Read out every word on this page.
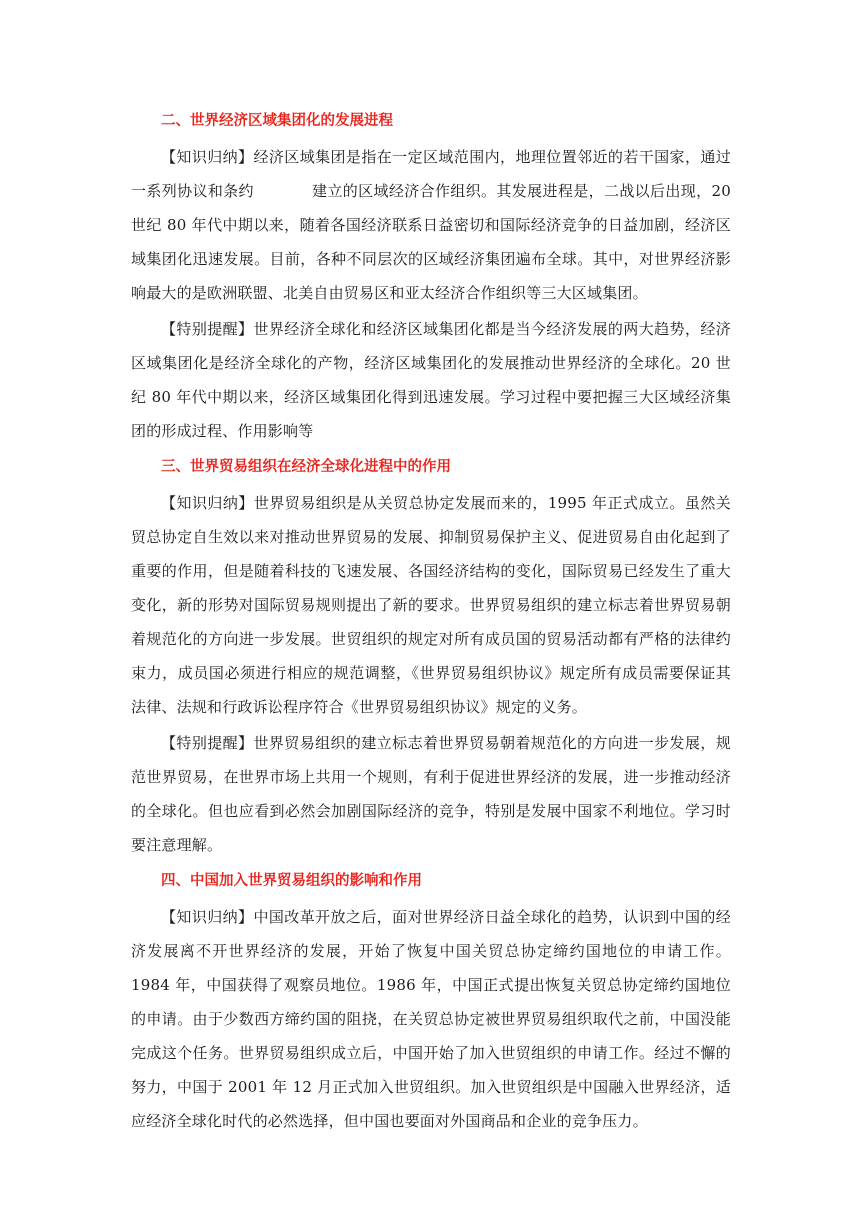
二、世界经济区域集团化的发展进程

【知识归纳】经济区域集团是指在一定区域范围内，地理位置邻近的若干国家，通过一系列协议和条约	建立的区域经济合作组织。其发展进程是，二战以后出现，20 世纪 80 年代中期以来，随着各国经济联系日益密切和国际经济竞争的日益加剧，经济区域集团化迅速发展。目前，各种不同层次的区域经济集团遍布全球。其中，对世界经济影响最大的是欧洲联盟、北美自由贸易区和亚太经济合作组织等三大区域集团。

【特别提醒】世界经济全球化和经济区域集团化都是当今经济发展的两大趋势，经济区域集团化是经济全球化的产物，经济区域集团化的发展推动世界经济的全球化。20 世纪 80 年代中期以来，经济区域集团化得到迅速发展。学习过程中要把握三大区域经济集团的形成过程、作用影响等

三、世界贸易组织在经济全球化进程中的作用

【知识归纳】世界贸易组织是从关贸总协定发展而来的，1995 年正式成立。虽然关贸总协定自生效以来对推动世界贸易的发展、抑制贸易保护主义、促进贸易自由化起到了重要的作用，但是随着科技的飞速发展、各国经济结构的变化，国际贸易已经发生了重大变化，新的形势对国际贸易规则提出了新的要求。世界贸易组织的建立标志着世界贸易朝着规范化的方向进一步发展。世贸组织的规定对所有成员国的贸易活动都有严格的法律约束力，成员国必须进行相应的规范调整，《世界贸易组织协议》规定所有成员需要保证其法律、法规和行政诉讼程序符合《世界贸易组织协议》规定的义务。

【特别提醒】世界贸易组织的建立标志着世界贸易朝着规范化的方向进一步发展，规范世界贸易，在世界市场上共用一个规则，有利于促进世界经济的发展，进一步推动经济的全球化。但也应看到必然会加剧国际经济的竞争，特别是发展中国家不利地位。学习时要注意理解。

四、中国加入世界贸易组织的影响和作用

【知识归纳】中国改革开放之后，面对世界经济日益全球化的趋势，认识到中国的经济发展离不开世界经济的发展，开始了恢复中国关贸总协定缔约国地位的申请工作。1984 年，中国获得了观察员地位。1986 年，中国正式提出恢复关贸总协定缔约国地位的申请。由于少数西方缔约国的阻挠，在关贸总协定被世界贸易组织取代之前，中国没能完成这个任务。世界贸易组织成立后，中国开始了加入世贸组织的申请工作。经过不懈的努力，中国于 2001 年 12 月正式加入世贸组织。加入世贸组织是中国融入世界经济，适应经济全球化时代的必然选择，但中国也要面对外国商品和企业的竞争压力。
